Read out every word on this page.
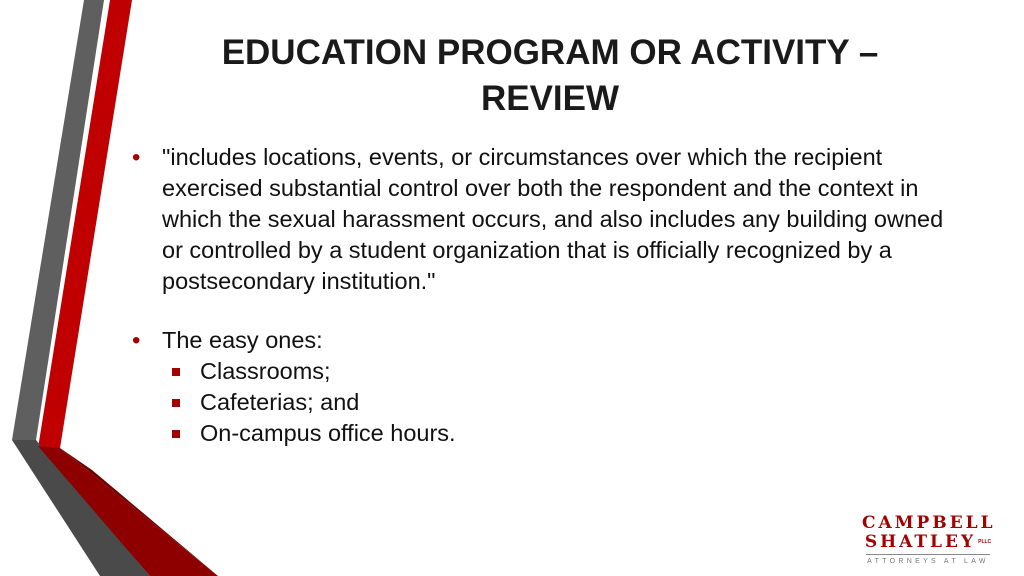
EDUCATION PROGRAM OR ACTIVITY –
REVIEW
• "includes locations, events, or circumstances over which the recipient exercised substantial control over both the respondent and the context in which the sexual harassment occurs, and also includes any building owned or controlled by a student organization that is officially recognized by a postsecondary institution."
• The easy ones:
Classrooms;
Cafeterias; and
On-campus office hours.
CAMPBELL
SHATLEY PLLC
ATTORNEYS AT LAW
